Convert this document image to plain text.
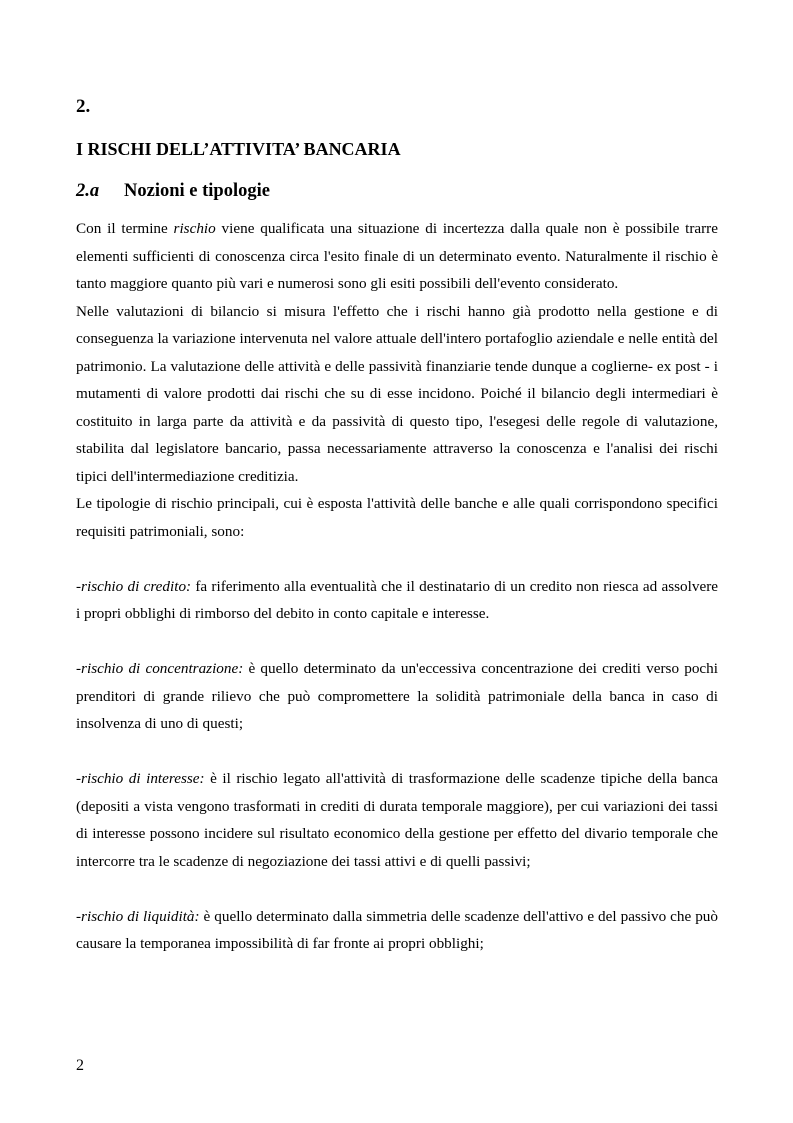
2.
I RISCHI DELL’ATTIVITA’ BANCARIA
2.a Nozioni e tipologie

Con il termine rischio viene qualificata una situazione di incertezza dalla quale non è possibile trarre elementi sufficienti di conoscenza circa l'esito finale di un determinato evento. Naturalmente il rischio è tanto maggiore quanto più vari e numerosi sono gli esiti possibili dell'evento considerato.

Nelle valutazioni di bilancio si misura l'effetto che i rischi hanno già prodotto nella gestione e di conseguenza la variazione intervenuta nel valore attuale dell'intero portafoglio aziendale e nelle entità del patrimonio. La valutazione delle attività e delle passività finanziarie tende dunque a coglierne- ex post - i mutamenti di valore prodotti dai rischi che su di esse incidono. Poiché il bilancio degli intermediari è costituito in larga parte da attività e da passività di questo tipo, l'esegesi delle regole di valutazione, stabilita dal legislatore bancario, passa necessariamente attraverso la conoscenza e l'analisi dei rischi tipici dell'intermediazione creditizia.

Le tipologie di rischio principali, cui è esposta l'attività delle banche e alle quali corrispondono specifici requisiti patrimoniali, sono:

-rischio di credito: fa riferimento alla eventualità che il destinatario di un credito non riesca ad assolvere i propri obblighi di rimborso del debito in conto capitale e interesse.

-rischio di concentrazione: è quello determinato da un'eccessiva concentrazione dei crediti verso pochi prenditori di grande rilievo che può compromettere la solidità patrimoniale della banca in caso di insolvenza di uno di questi;

-rischio di interesse: è il rischio legato all'attività di trasformazione delle scadenze tipiche della banca (depositi a vista vengono trasformati in crediti di durata temporale maggiore), per cui variazioni dei tassi di interesse possono incidere sul risultato economico della gestione per effetto del divario temporale che intercorre tra le scadenze di negoziazione dei tassi attivi e di quelli passivi;

-rischio di liquidità: è quello determinato dalla simmetria delle scadenze dell'attivo e del passivo che può causare la temporanea impossibilità di far fronte ai propri obblighi;

2
